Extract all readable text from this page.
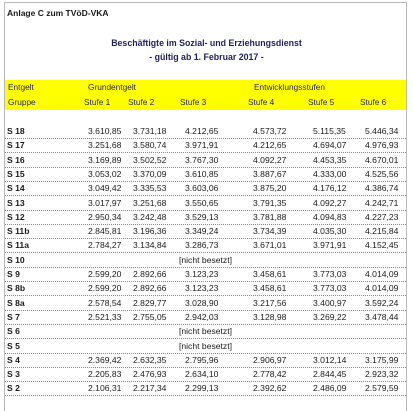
Anlage C zum TVöD-VKA
Beschäftigte im Sozial- und Erziehungsdienst
- gültig ab 1. Februar 2017 -
Entgelt
Gruppe
Grundentgelt	Entwicklungsstufen
Stufe 1 Stufe 2	Stufe 3	Stufe 4	Stufe 5	Stufe 6
S 18	3.610,85 3.731,18 4.212,65	4.573,72	5.115,35 5.446,34
S 17	3.251,68 3.580,74 3.971,91	4.212,65	4.694,07 4.976,93
S 16	3.169,89 3.502,52 3.767,30	4.092,27	4.453,35 4.670,01
S 15	3.053,02 3.370,09 3.610,85	3.887,67	4.333,00 4.525,56
S 14	3.049,42 3.335,53 3.603,06	3.875,20	4.176,12 4.386,74
S 13	3.017,97 3.251,68 3.550,65	3.791,35	4.092,27 4.242,71
S 12	2.950,34 3.242,48 3.529,13	3.781,88	4.094,83 4.227,23
S 11b	2.845,81 3.196,36 3.349,24	3.734,39	4.035,30 4.215,84
S 11a	2.784,27 3.134,84 3.286,73	3.671,01	3.971,91 4.152,45
S 10	[nicht besetzt]
S 9	2.599,20 2.892,66 3.123,23	3.458,61	3.773,03 4.014,09
S 8b	2.599,20 2.892,66 3.123,23	3.458,61	3.773,03 4.014,09
S 8a	2.578,54 2.829,77 3.028,90	3.217,56	3.400,97 3.592,24
S 7	2.521,33 2.755,05 2.942,03	3.128,98	3.269,22 3.478,44
S 6	[nicht besetzt]
S 5	[nicht besetzt]
S 4	2.369,42 2.632,35 2.795,96	2.906,97	3.012,14 3.175,99
S 3	2.205,83 2.476,93 2.634,10	2.778,42	2.844,45 2.923,32
S 2	2.106,31 2.217,34 2.299,13	2.392,62	2.486,09 2.579,59
